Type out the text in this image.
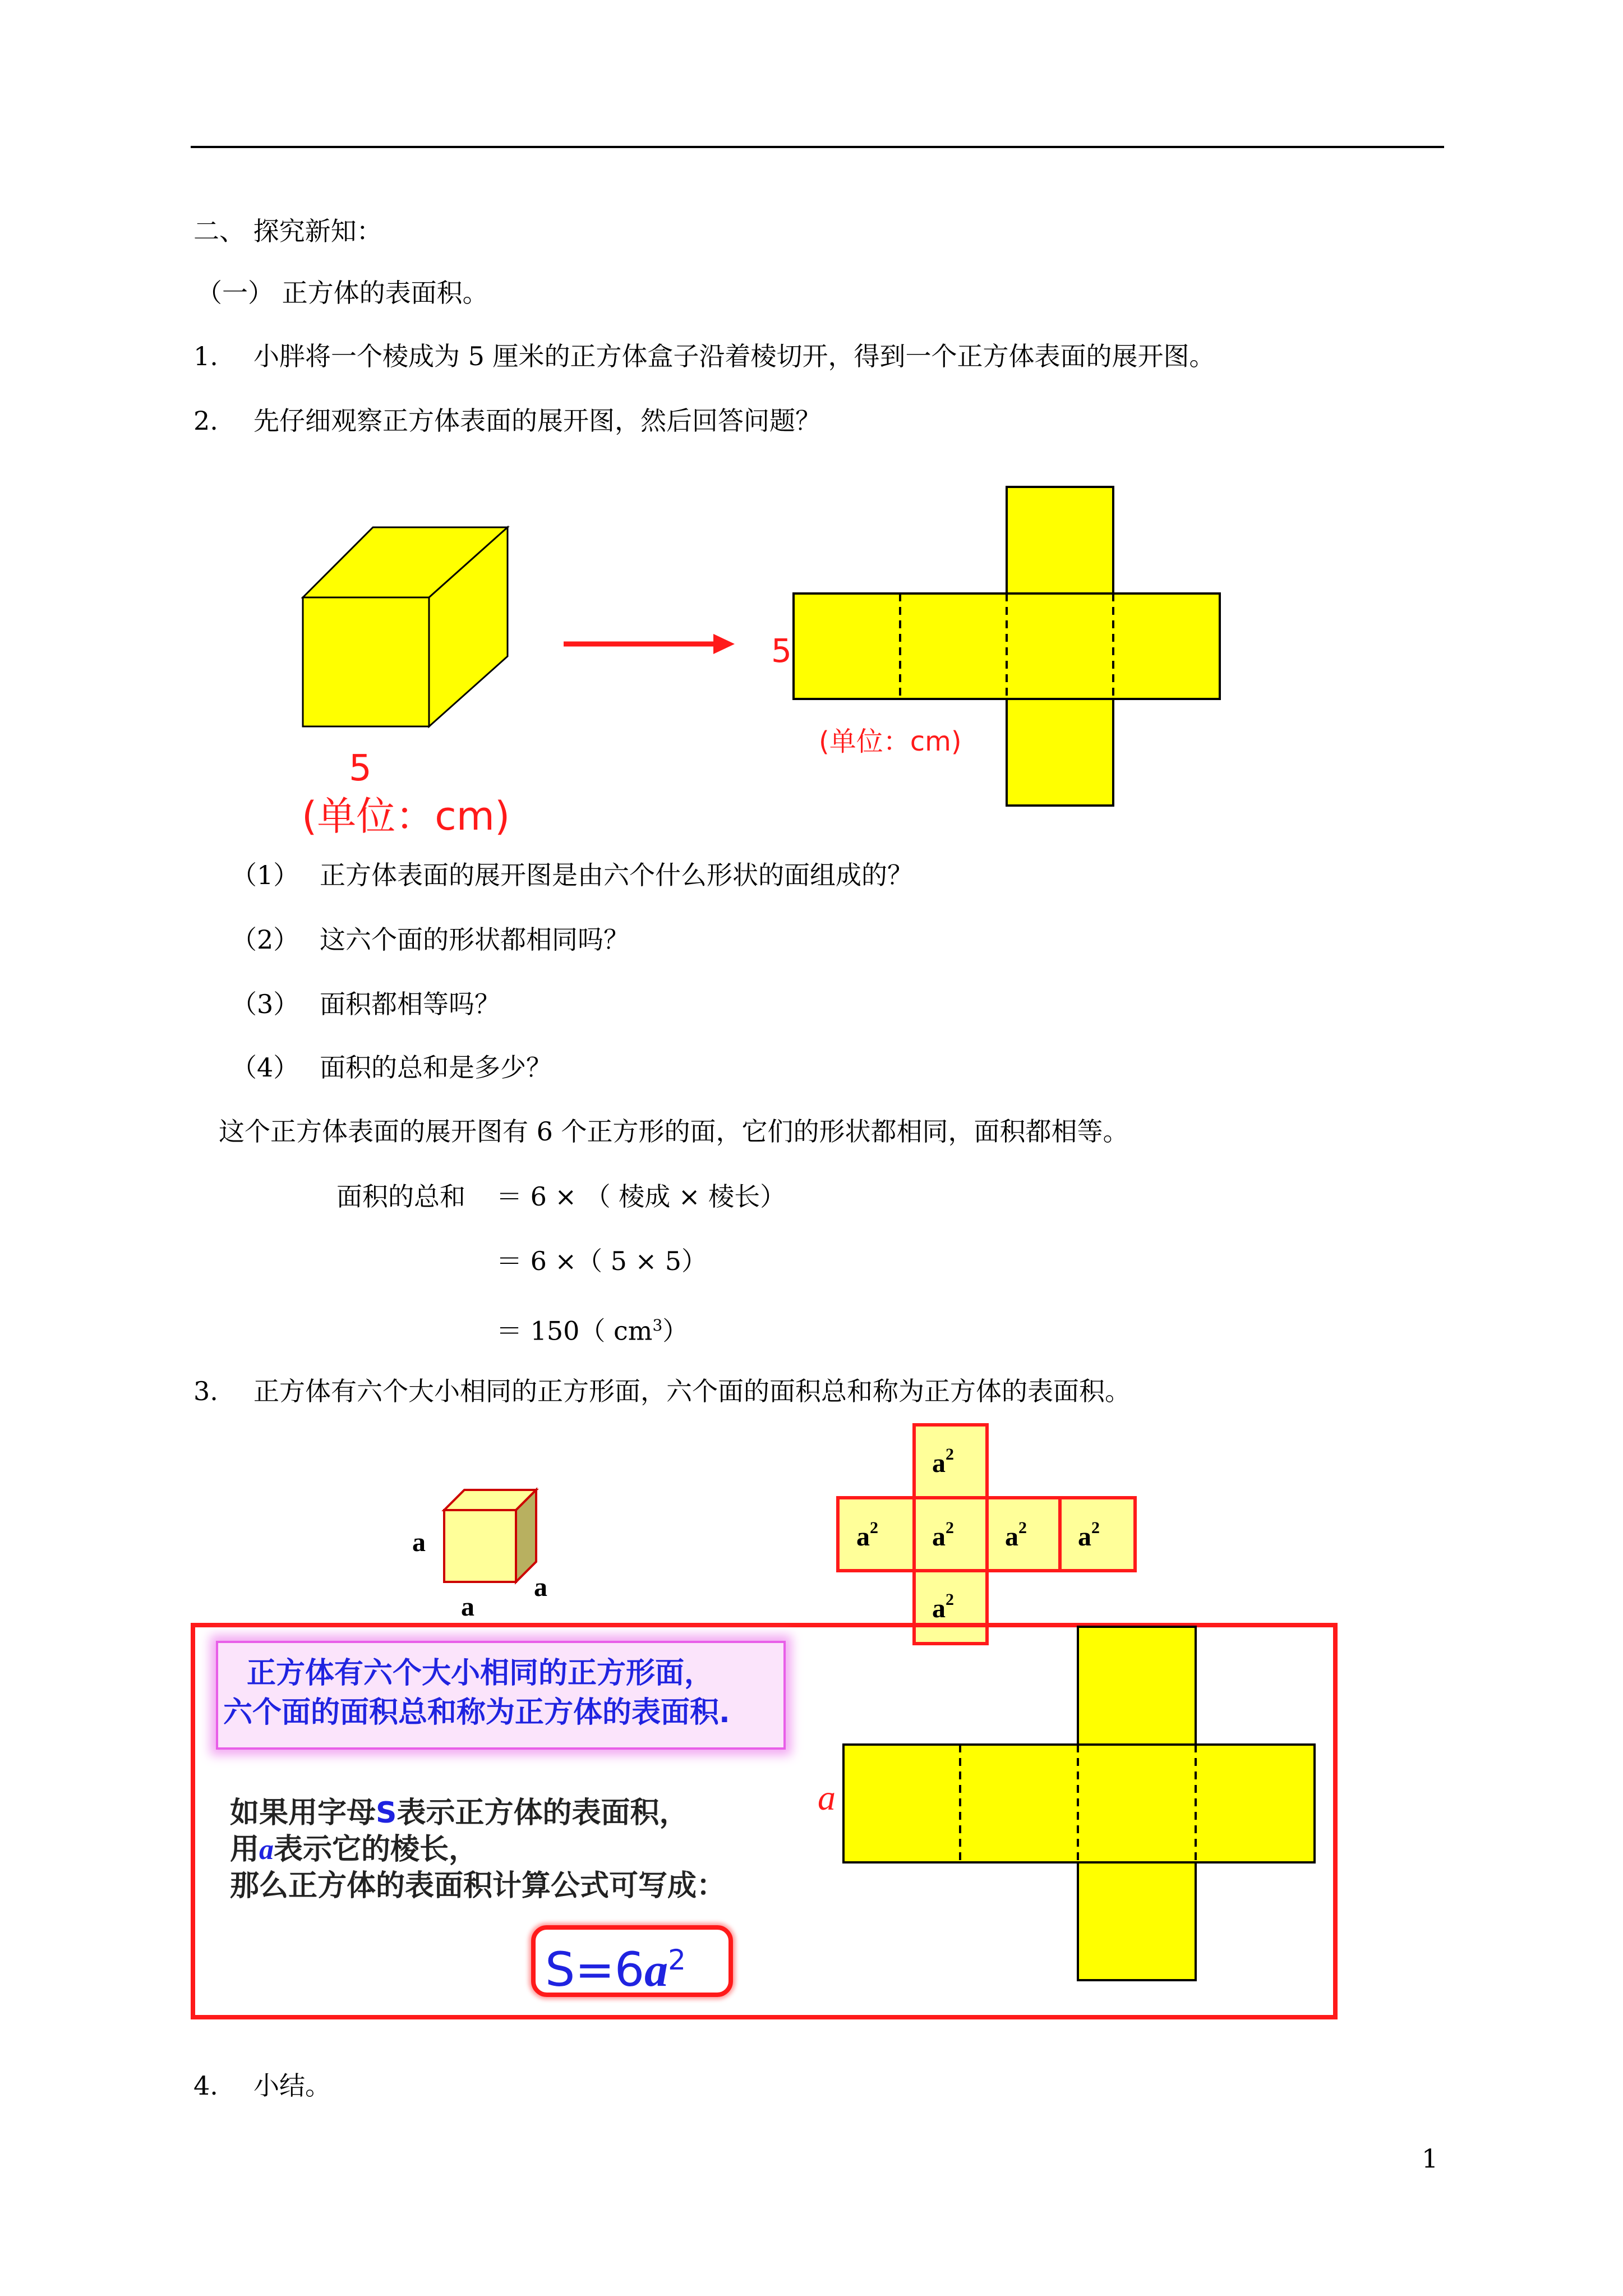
二、 探究新知：
（一） 正方体的表面积。
1. 小胖将一个棱成为 5 厘米的正方体盒子沿着棱切开，得到一个正方体表面的展开图。
2. 先仔细观察正方体表面的展开图，然后回答问题？
5
(单位：cm)
5
(单位：cm)
（1） 正方体表面的展开图是由六个什么形状的面组成的？
（2） 这六个面的形状都相同吗？
（3） 面积都相等吗？
（4） 面积的总和是多少？
这个正方体表面的展开图有 6 个正方形的面，它们的形状都相同，面积都相等。
面积的总和 ＝ 6 × （ 棱成 × 棱长）
＝ 6 ×（ 5 × 5）
＝ 150（ $cm^3$）
3. 正方体有六个大小相同的正方形面，六个面的面积总和称为正方体的表面积。
a
a
a
$a^2$
$a^2$ $a^2$ $a^2$ $a^2$
$a^2$
正方体有六个大小相同的正方形面，
六个面的面积总和称为正方体的表面积.
如果用字母S表示正方体的表面积，
用a表示它的棱长，
那么正方体的表面积计算公式可写成：
$S=6a^2$
a
4. 小结。
1
